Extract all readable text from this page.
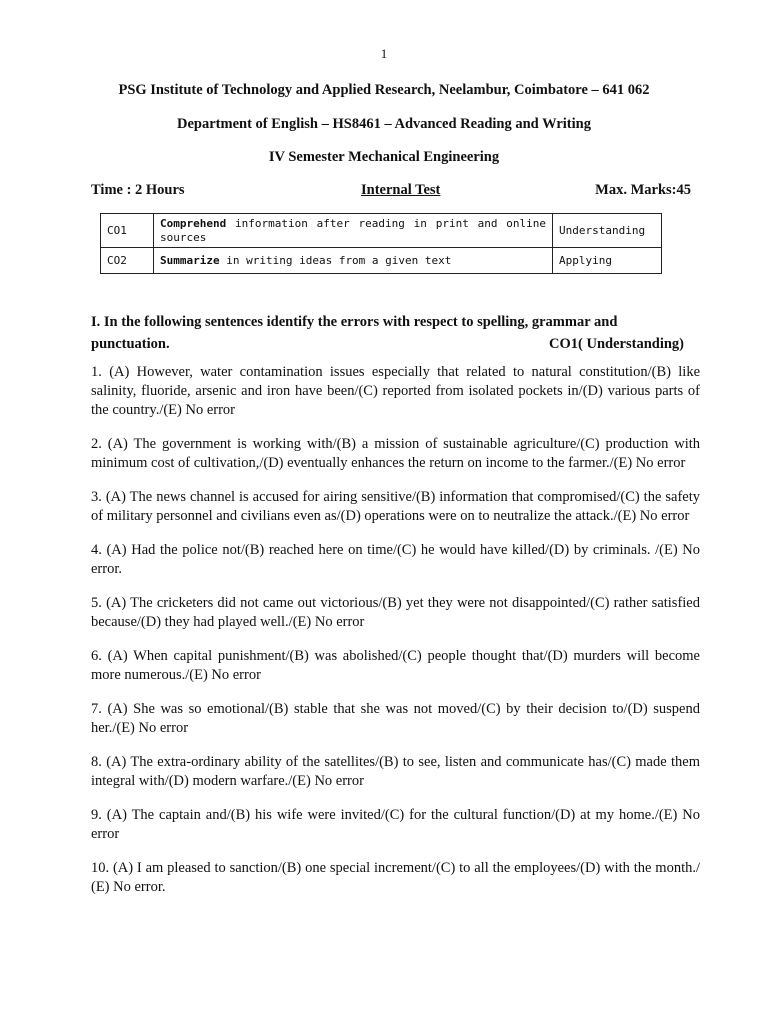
1
PSG Institute of Technology and Applied Research, Neelambur, Coimbatore – 641 062
Department of English – HS8461 – Advanced Reading and Writing
IV Semester Mechanical Engineering
Time : 2 Hours	Internal Test	Max. Marks:45
CO1	Comprehend information after reading in print and online sources	Understanding
CO2	Summarize in writing ideas from a given text	Applying
I. In the following sentences identify the errors with respect to spelling, grammar and punctuation.	CO1( Understanding)

1. (A) However, water contamination issues especially that related to natural constitution/(B) like salinity, fluoride, arsenic and iron have been/(C) reported from isolated pockets in/(D) various parts of the country./(E) No error

2. (A) The government is working with/(B) a mission of sustainable agriculture/(C) production with minimum cost of cultivation,/(D) eventually enhances the return on income to the farmer./(E) No error

3. (A) The news channel is accused for airing sensitive/(B) information that compromised/(C) the safety of military personnel and civilians even as/(D) operations were on to neutralize the attack./(E) No error

4. (A) Had the police not/(B) reached here on time/(C) he would have killed/(D) by criminals. /(E) No error.

5. (A) The cricketers did not came out victorious/(B) yet they were not disappointed/(C) rather satisfied because/(D) they had played well./(E) No error

6. (A) When capital punishment/(B) was abolished/(C) people thought that/(D) murders will become more numerous./(E) No error

7. (A) She was so emotional/(B) stable that she was not moved/(C) by their decision to/(D) suspend her./(E) No error

8. (A) The extra-ordinary ability of the satellites/(B) to see, listen and communicate has/(C) made them integral with/(D) modern warfare./(E) No error

9. (A) The captain and/(B) his wife were invited/(C) for the cultural function/(D) at my home./(E) No error

10. (A) I am pleased to sanction/(B) one special increment/(C) to all the employees/(D) with the month./ (E) No error.
